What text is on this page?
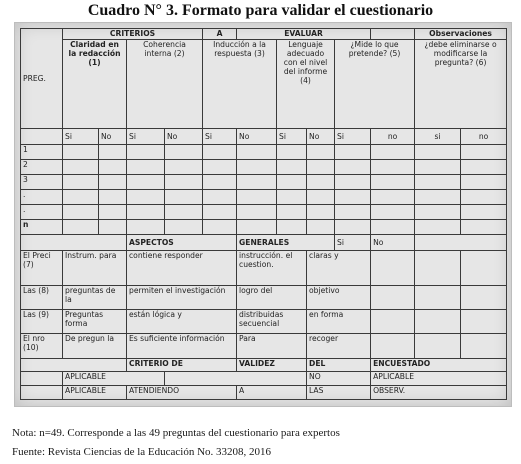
Cuadro N° 3. Formato para validar el cuestionario
PREG.	CRITERIOS				A	EVALUAR					Observaciones	
	Claridad en la redacción (1)		Coherencia interna (2)		Inducción a la respuesta (3)		Lenguaje adecuado con el nivel del informe (4)		¿Mide lo que pretende? (5)		¿debe eliminarse o modificarse la pregunta? (6)	
	Si	No	Si	No	Si	No	Si	No	Si	no	si	no
1												
2												
3												
.												
.												
n												
			ASPECTOS			GENERALES			Si	No		
El Preci (7)	Instrum. para		contiene responder			instrucción. el cuestion.		claras y				
Las (8)	preguntas de la		permiten el investigación			logro del		objetivo				
Las (9)	Preguntas forma		están lógica y			distribuidas secuencial		en forma				
El nro (10)	De pregun la		Es suficiente información			Para		recoger				
			CRITERIO DE			VALIDEZ		DEL		ENCUESTADO		
	APLICABLE							NO		APLICABLE		
	APLICABLE		ATENDIENDO			A		LAS		OBSERV.		
Nota: n=49. Corresponde a las 49 preguntas del cuestionario para expertos
Fuente: Revista Ciencias de la Educación No. 33208, 2016
